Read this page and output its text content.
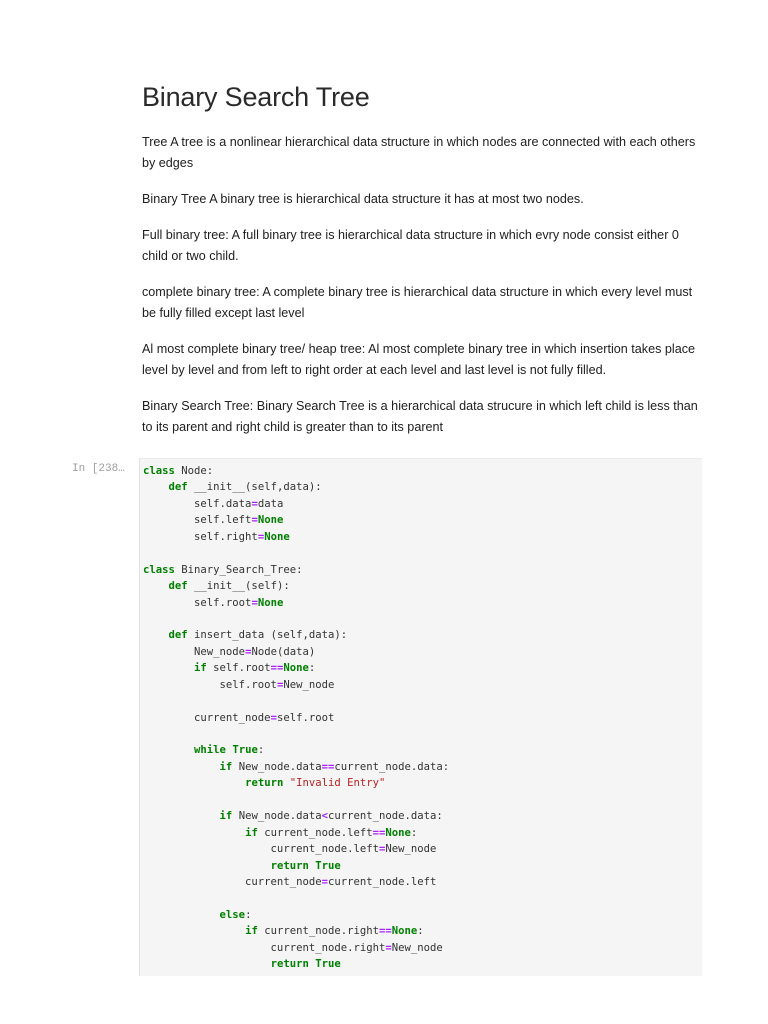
Binary Search Tree

Tree A tree is a nonlinear hierarchical data structure in which nodes are connected with each others by edges

Binary Tree A binary tree is hierarchical data structure it has at most two nodes.

Full binary tree: A full binary tree is hierarchical data structure in which evry node consist either 0 child or two child.

complete binary tree: A complete binary tree is hierarchical data structure in which every level must be fully filled except last level

Al most complete binary tree/ heap tree: Al most complete binary tree in which insertion takes place level by level and from left to right order at each level and last level is not fully filled.

Binary Search Tree: Binary Search Tree is a hierarchical data strucure in which left child is less than to its parent and right child is greater than to its parent

In [238…	class Node:
def __init__(self,data):
self.data=data
self.left=None
self.right=None
class Binary_Search_Tree:
def __init__(self):
self.root=None
def insert_data (self,data):
New_node=Node(data)
if self.root==None:
self.root=New_node
current_node=self.root
while True:
if New_node.data==current_node.data:
return "Invalid Entry"
if New_node.data<current_node.data:
if current_node.left==None:
current_node.left=New_node
return True
current_node=current_node.left
else:
if current_node.right==None:
current_node.right=New_node
return True
